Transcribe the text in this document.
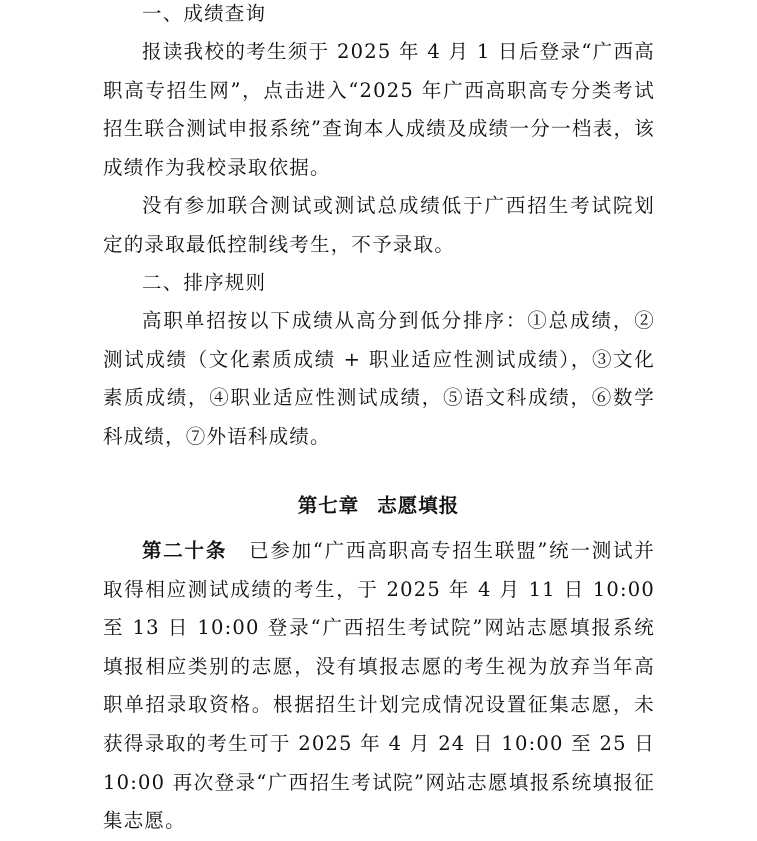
一、成绩查询

报读我校的考生须于 2025 年 4 月 1 日后登录“广西高职高专招生网”，点击进入“2025 年广西高职高专分类考试招生联合测试申报系统”查询本人成绩及成绩一分一档表，该成绩作为我校录取依据。

没有参加联合测试或测试总成绩低于广西招生考试院划定的录取最低控制线考生，不予录取。

二、排序规则

高职单招按以下成绩从高分到低分排序：①总成绩，②测试成绩（文化素质成绩 + 职业适应性测试成绩），③文化素质成绩，④职业适应性测试成绩，⑤语文科成绩，⑥数学科成绩，⑦外语科成绩。

第七章 志愿填报

第二十条 已参加“广西高职高专招生联盟”统一测试并取得相应测试成绩的考生，于 2025 年 4 月 11 日 10:00 至 13 日 10:00 登录“广西招生考试院”网站志愿填报系统填报相应类别的志愿，没有填报志愿的考生视为放弃当年高职单招录取资格。根据招生计划完成情况设置征集志愿，未获得录取的考生可于 2025 年 4 月 24 日 10:00 至 25 日 10:00 再次登录“广西招生考试院”网站志愿填报系统填报征集志愿。
